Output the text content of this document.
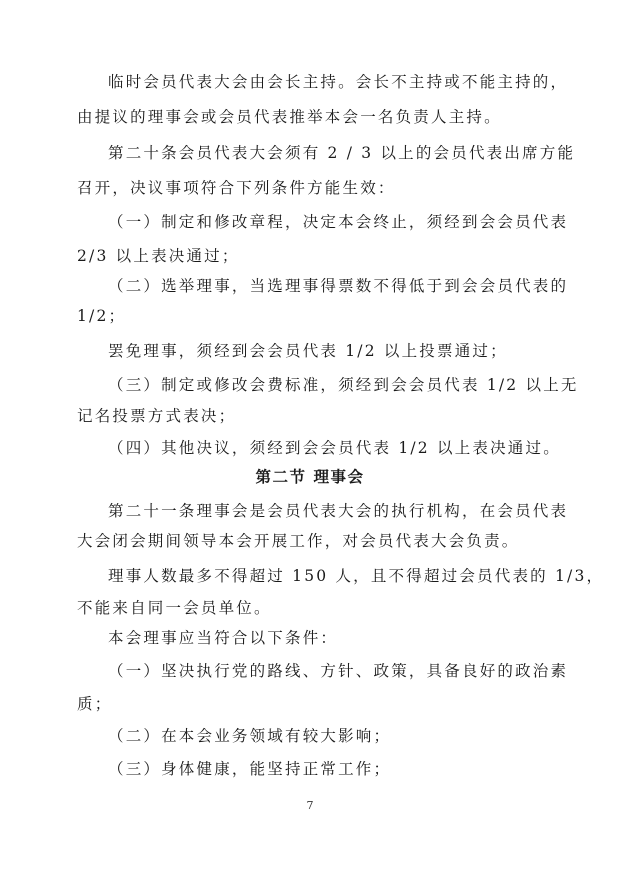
临时会员代表大会由会长主持。会长不主持或不能主持的，
由提议的理事会或会员代表推举本会一名负责人主持。
第二十条会员代表大会须有 2 / 3 以上的会员代表出席方能
召开，决议事项符合下列条件方能生效：
（一）制定和修改章程，决定本会终止，须经到会会员代表
2/3 以上表决通过；
（二）选举理事，当选理事得票数不得低于到会会员代表的
1/2；
罢免理事，须经到会会员代表 1/2 以上投票通过；
（三）制定或修改会费标准，须经到会会员代表 1/2 以上无
记名投票方式表决；
（四）其他决议，须经到会会员代表 1/2 以上表决通过。
第二节 理事会
第二十一条理事会是会员代表大会的执行机构，在会员代表
大会闭会期间领导本会开展工作，对会员代表大会负责。
理事人数最多不得超过 150 人，且不得超过会员代表的 1/3，
不能来自同一会员单位。
本会理事应当符合以下条件：
（一）坚决执行党的路线、方针、政策，具备良好的政治素
质；
（二）在本会业务领域有较大影响；
（三）身体健康，能坚持正常工作；
7
